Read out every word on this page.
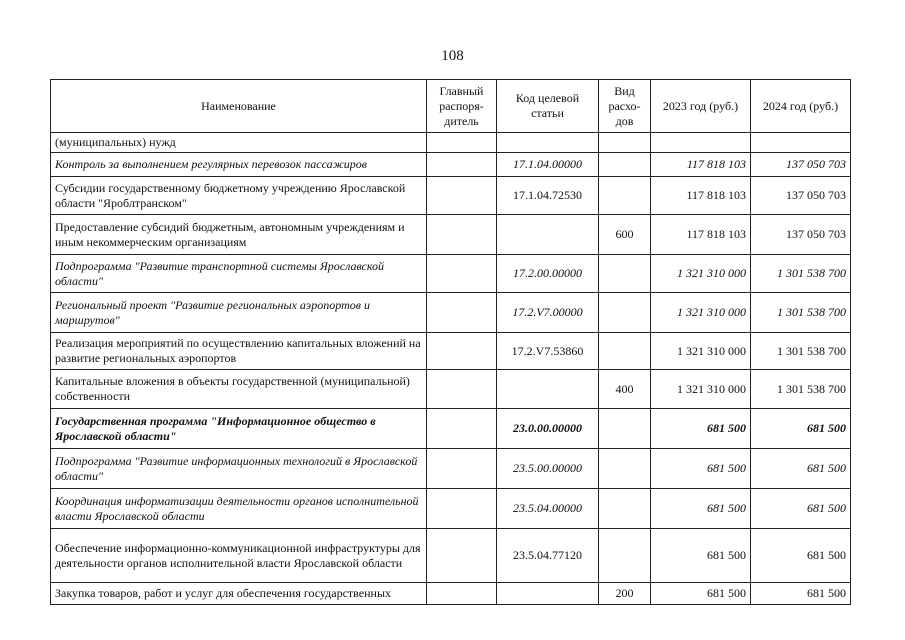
108
Наименование	Главный распоря-дитель	Код целевой статьи	Вид расхо-дов	2023 год (руб.)	2024 год (руб.)
(муниципальных) нужд					
Контроль за выполнением регулярных перевозок пассажиров		17.1.04.00000		117 818 103	137 050 703
Субсидии государственному бюджетному учреждению Ярославской области "Яроблтранском"		17.1.04.72530		117 818 103	137 050 703
Предоставление субсидий бюджетным, автономным учреждениям и иным некоммерческим организациям			600	117 818 103	137 050 703
Подпрограмма "Развитие транспортной системы Ярославской области"		17.2.00.00000		1 321 310 000	1 301 538 700
Региональный проект "Развитие региональных аэропортов и маршрутов"		17.2.V7.00000		1 321 310 000	1 301 538 700
Реализация мероприятий по осуществлению капитальных вложений на развитие региональных аэропортов		17.2.V7.53860		1 321 310 000	1 301 538 700
Капитальные вложения в объекты государственной (муниципальной) собственности			400	1 321 310 000	1 301 538 700
Государственная программа "Информационное общество в Ярославской области"		23.0.00.00000		681 500	681 500
Подпрограмма "Развитие информационных технологий в Ярославской области"		23.5.00.00000		681 500	681 500
Координация информатизации деятельности органов исполнительной власти Ярославской области		23.5.04.00000		681 500	681 500
Обеспечение информационно-коммуникационной инфраструктуры для деятельности органов исполнительной власти Ярославской области		23.5.04.77120		681 500	681 500
Закупка товаров, работ и услуг для обеспечения государственных			200	681 500	681 500
